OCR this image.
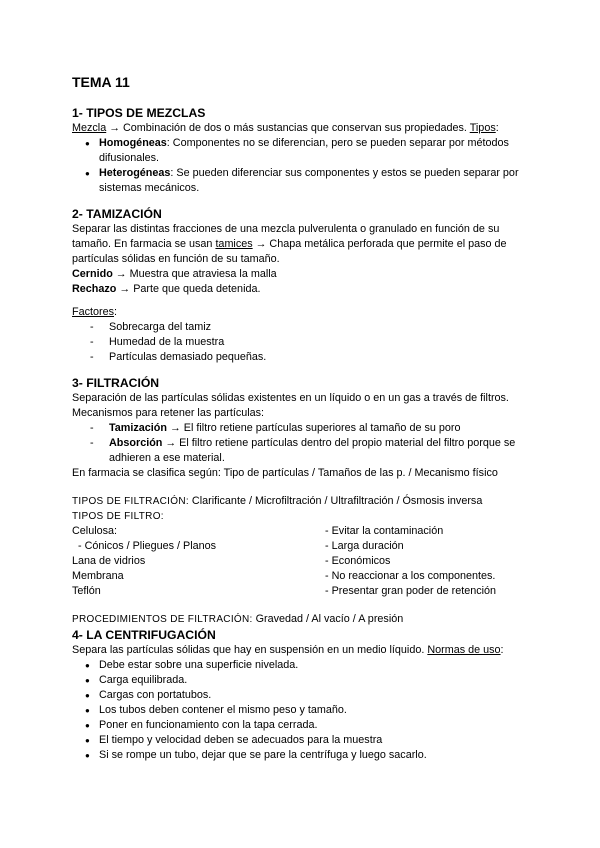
TEMA 11
1- TIPOS DE MEZCLAS

Mezcla → Combinación de dos o más sustancias que conservan sus propiedades. Tipos:

● Homogéneas: Componentes no se diferencian, pero se pueden separar por métodos difusionales.
● Heterogéneas: Se pueden diferenciar sus componentes y estos se pueden separar por sistemas mecánicos.
2- TAMIZACIÓN

Separar las distintas fracciones de una mezcla pulverulenta o granulado en función de su tamaño. En farmacia se usan tamices → Chapa metálica perforada que permite el paso de partículas sólidas en función de su tamaño.

Cernido → Muestra que atraviesa la malla

Rechazo → Parte que queda detenida.

Factores:

- Sobrecarga del tamiz
- Humedad de la muestra
- Partículas demasiado pequeñas.
3- FILTRACIÓN

Separación de las partículas sólidas existentes en un líquido o en un gas a través de filtros.

Mecanismos para retener las partículas:

- Tamización → El filtro retiene partículas superiores al tamaño de su poro
- Absorción → El filtro retiene partículas dentro del propio material del filtro porque se adhieren a ese material.

En farmacia se clasifica según: Tipo de partículas / Tamaños de las p. / Mecanismo físico

TIPOS DE FILTRACIÓN: Clarificante / Microfiltración / Ultrafiltración / Ósmosis inversa

TIPOS DE FILTRO:

Celulosa:
- Cónicos / Pliegues / Planos
Lana de vidrios
Membrana
Teflón
- Evitar la contaminación
- Larga duración
- Económicos
- No reaccionar a los componentes.
- Presentar gran poder de retención

PROCEDIMIENTOS DE FILTRACIÓN: Gravedad / Al vacío / A presión

4- LA CENTRIFUGACIÓN

Separa las partículas sólidas que hay en suspensión en un medio líquido. Normas de uso:

● Debe estar sobre una superficie nivelada.
● Carga equilibrada.
● Cargas con portatubos.
● Los tubos deben contener el mismo peso y tamaño.
● Poner en funcionamiento con la tapa cerrada.
● El tiempo y velocidad deben se adecuados para la muestra
● Si se rompe un tubo, dejar que se pare la centrífuga y luego sacarlo.
